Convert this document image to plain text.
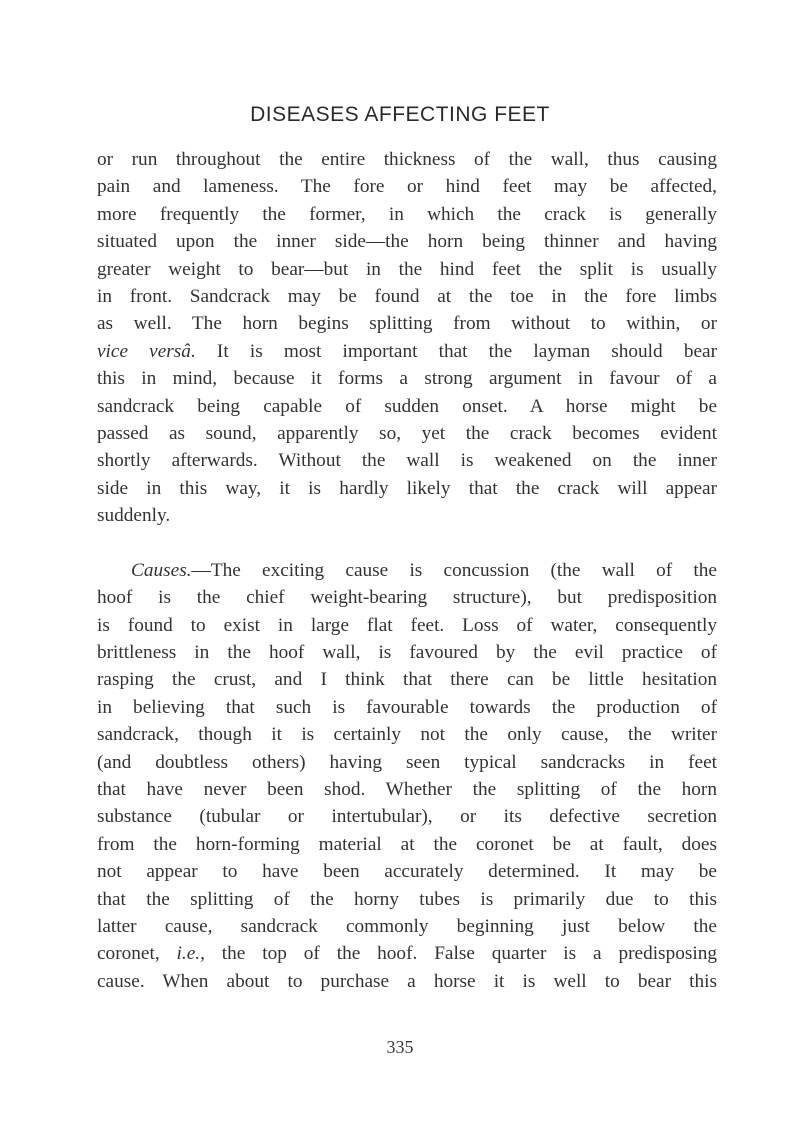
DISEASES AFFECTING FEET

or run throughout the entire thickness of the wall, thus causing
pain and lameness. The fore or hind feet may be affected,
more frequently the former, in which the crack is generally
situated upon the inner side—the horn being thinner and having
greater weight to bear—but in the hind feet the split is usually
in front. Sandcrack may be found at the toe in the fore limbs
as well. The horn begins splitting from without to within, or
vice versâ. It is most important that the layman should bear
this in mind, because it forms a strong argument in favour of a
sandcrack being capable of sudden onset. A horse might be
passed as sound, apparently so, yet the crack becomes evident
shortly afterwards. Without the wall is weakened on the inner
side in this way, it is hardly likely that the crack will appear
suddenly.

Causes.—The exciting cause is concussion (the wall of the
hoof is the chief weight-bearing structure), but predisposition
is found to exist in large flat feet. Loss of water, consequently
brittleness in the hoof wall, is favoured by the evil practice of
rasping the crust, and I think that there can be little hesitation
in believing that such is favourable towards the production of
sandcrack, though it is certainly not the only cause, the writer
(and doubtless others) having seen typical sandcracks in feet
that have never been shod. Whether the splitting of the horn
substance (tubular or intertubular), or its defective secretion
from the horn-forming material at the coronet be at fault, does
not appear to have been accurately determined. It may be
that the splitting of the horny tubes is primarily due to this
latter cause, sandcrack commonly beginning just below the
coronet, i.e., the top of the hoof. False quarter is a predisposing
cause. When about to purchase a horse it is well to bear this

335
